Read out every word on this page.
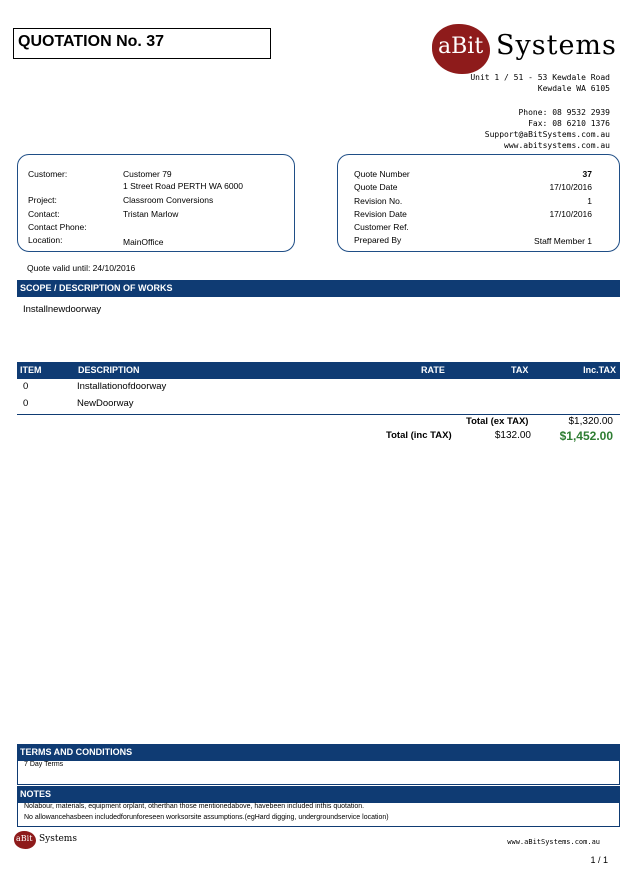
QUOTATION No. 37	aBit Systems
Unit 1 / 51 - 53 Kewdale Road
Kewdale WA 6105
Phone: 08 9532 2939
Fax: 08 6210 1376
Support@aBitSystems.com.au
www.abitsystems.com.au
Customer:	Customer 79
1 Street Road PERTH WA 6000
Project:	Classroom Conversions
Contact:	Tristan Marlow
Contact Phone:
Location:	MainOffice
Quote Number	37
Quote Date	17/10/2016
Revision No.	1
Revision Date	17/10/2016
Customer Ref.
Prepared By	Staff Member 1
Quote valid until: 24/10/2016
SCOPE / DESCRIPTION OF WORKS
Installnewdoorway
ITEM	DESCRIPTION	RATE	TAX	Inc.TAX
0	Installationofdoorway
0	NewDoorway
Total (ex TAX)	$1,320.00
Total (inc TAX)	$132.00 $1,452.00
TERMS AND CONDITIONS
7 Day Terms
NOTES
Nolabour, materials, equipment orplant, otherthan those mentionedabove, havebeen included inthis quotation.
No allowancehasbeen includedforunforeseen worksorsite assumptions.(egHard digging, undergroundservice location)
aBit Systems	www.aBitSystems.com.au
1 / 1
